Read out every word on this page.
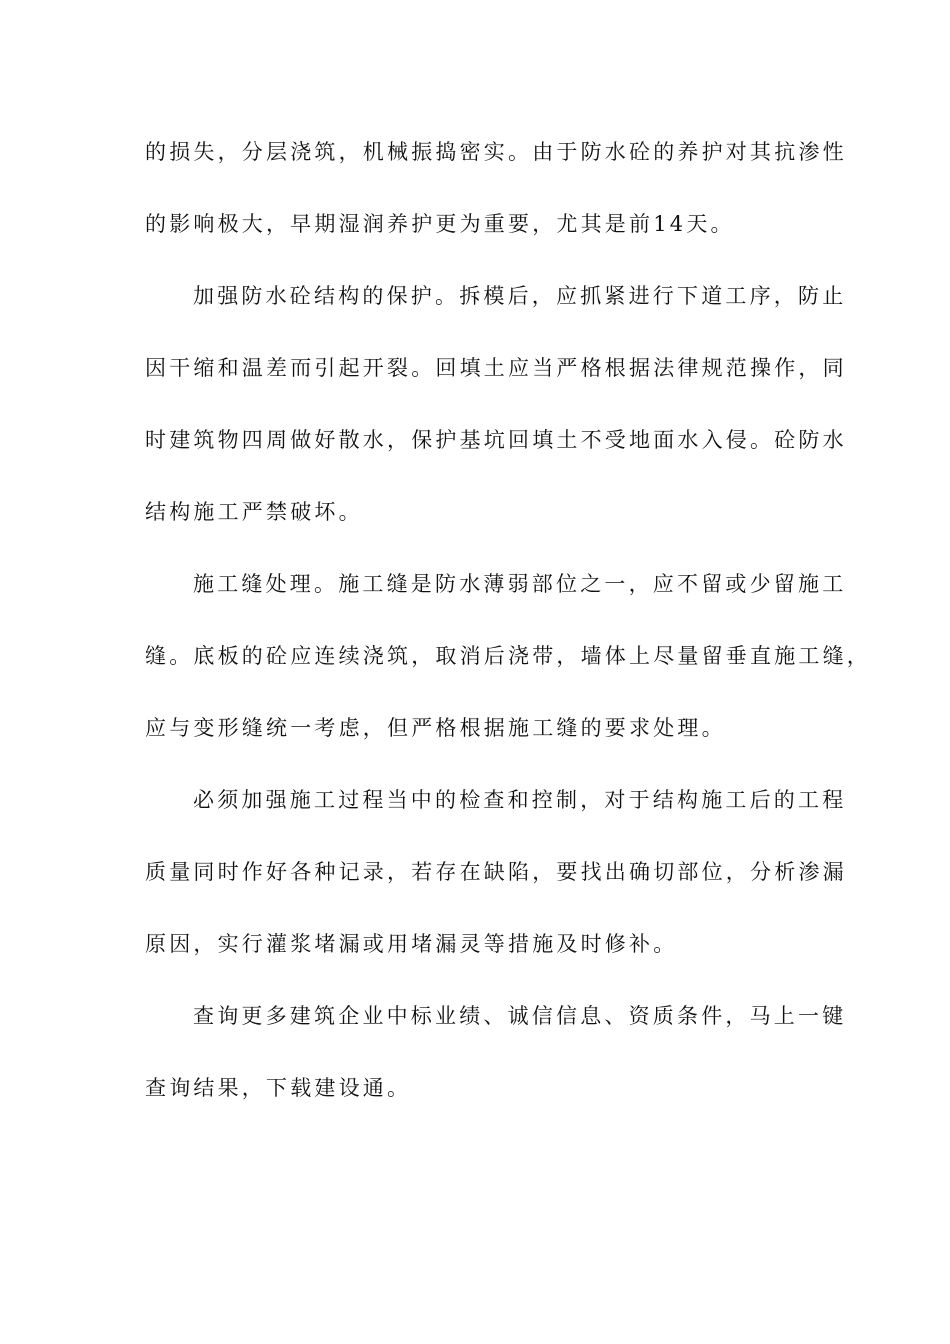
的损失，分层浇筑，机械振捣密实。由于防水砼的养护对其抗渗性
的影响极大，早期湿润养护更为重要，尤其是前14天。
加强防水砼结构的保护。拆模后，应抓紧进行下道工序，防止
因干缩和温差而引起开裂。回填土应当严格根据法律规范操作，同
时建筑物四周做好散水，保护基坑回填土不受地面水入侵。砼防水
结构施工严禁破坏。
施工缝处理。施工缝是防水薄弱部位之一，应不留或少留施工
缝。底板的砼应连续浇筑，取消后浇带，墙体上尽量留垂直施工缝，
应与变形缝统一考虑，但严格根据施工缝的要求处理。
必须加强施工过程当中的检查和控制，对于结构施工后的工程
质量同时作好各种记录，若存在缺陷，要找出确切部位，分析渗漏
原因，实行灌浆堵漏或用堵漏灵等措施及时修补。
查询更多建筑企业中标业绩、诚信信息、资质条件，马上一键
查询结果，下载建设通。
